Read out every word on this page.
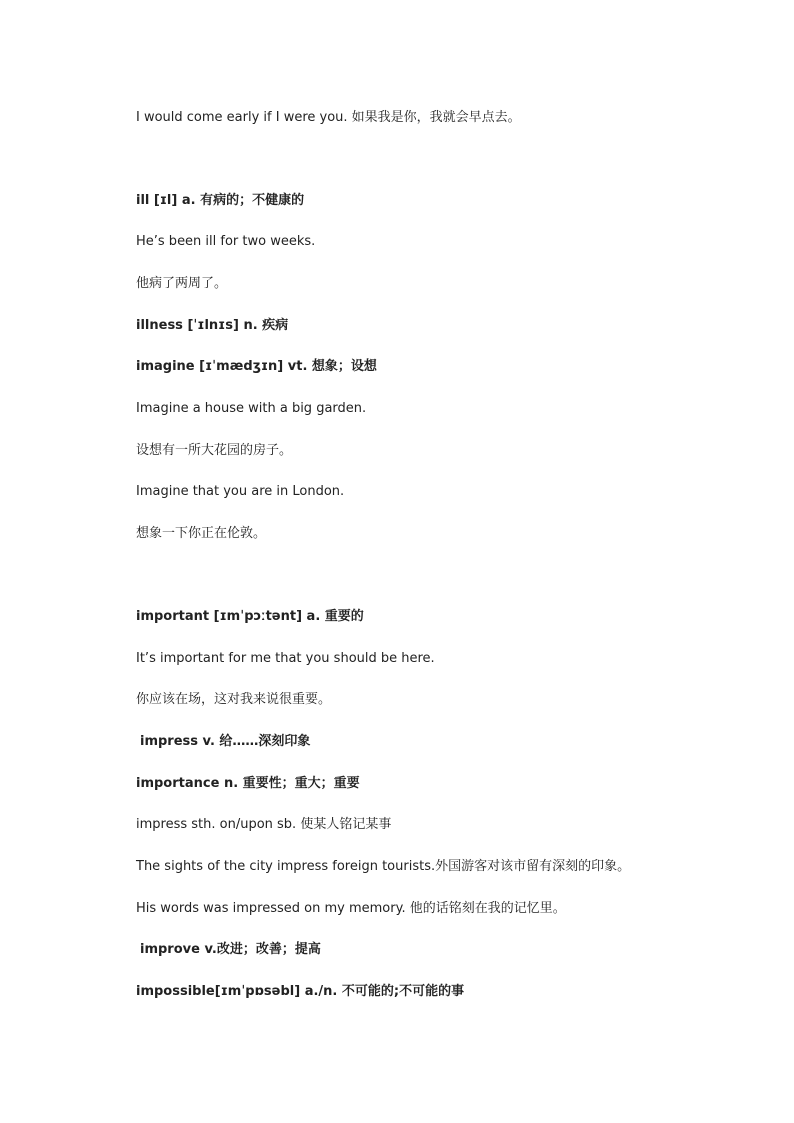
I would come early if I were you. 如果我是你，我就会早点去。
ill [ɪl] a. 有病的；不健康的
He’s been ill for two weeks.
他病了两周了。
illness [ˈɪlnɪs] n. 疾病
imagine [ɪˈmædʒɪn] vt. 想象；设想
Imagine a house with a big garden.
设想有一所大花园的房子。
Imagine that you are in London.
想象一下你正在伦敦。
important [ɪmˈpɔːtənt] a. 重要的
It’s important for me that you should be here.
你应该在场，这对我来说很重要。
impress v. 给……深刻印象
importance n. 重要性；重大；重要
impress sth. on/upon sb. 使某人铭记某事
The sights of the city impress foreign tourists.外国游客对该市留有深刻的印象。
His words was impressed on my memory. 他的话铭刻在我的记忆里。
improve v.改进；改善；提高
impossible[ɪmˈpɒsəbl] a./n. 不可能的;不可能的事
